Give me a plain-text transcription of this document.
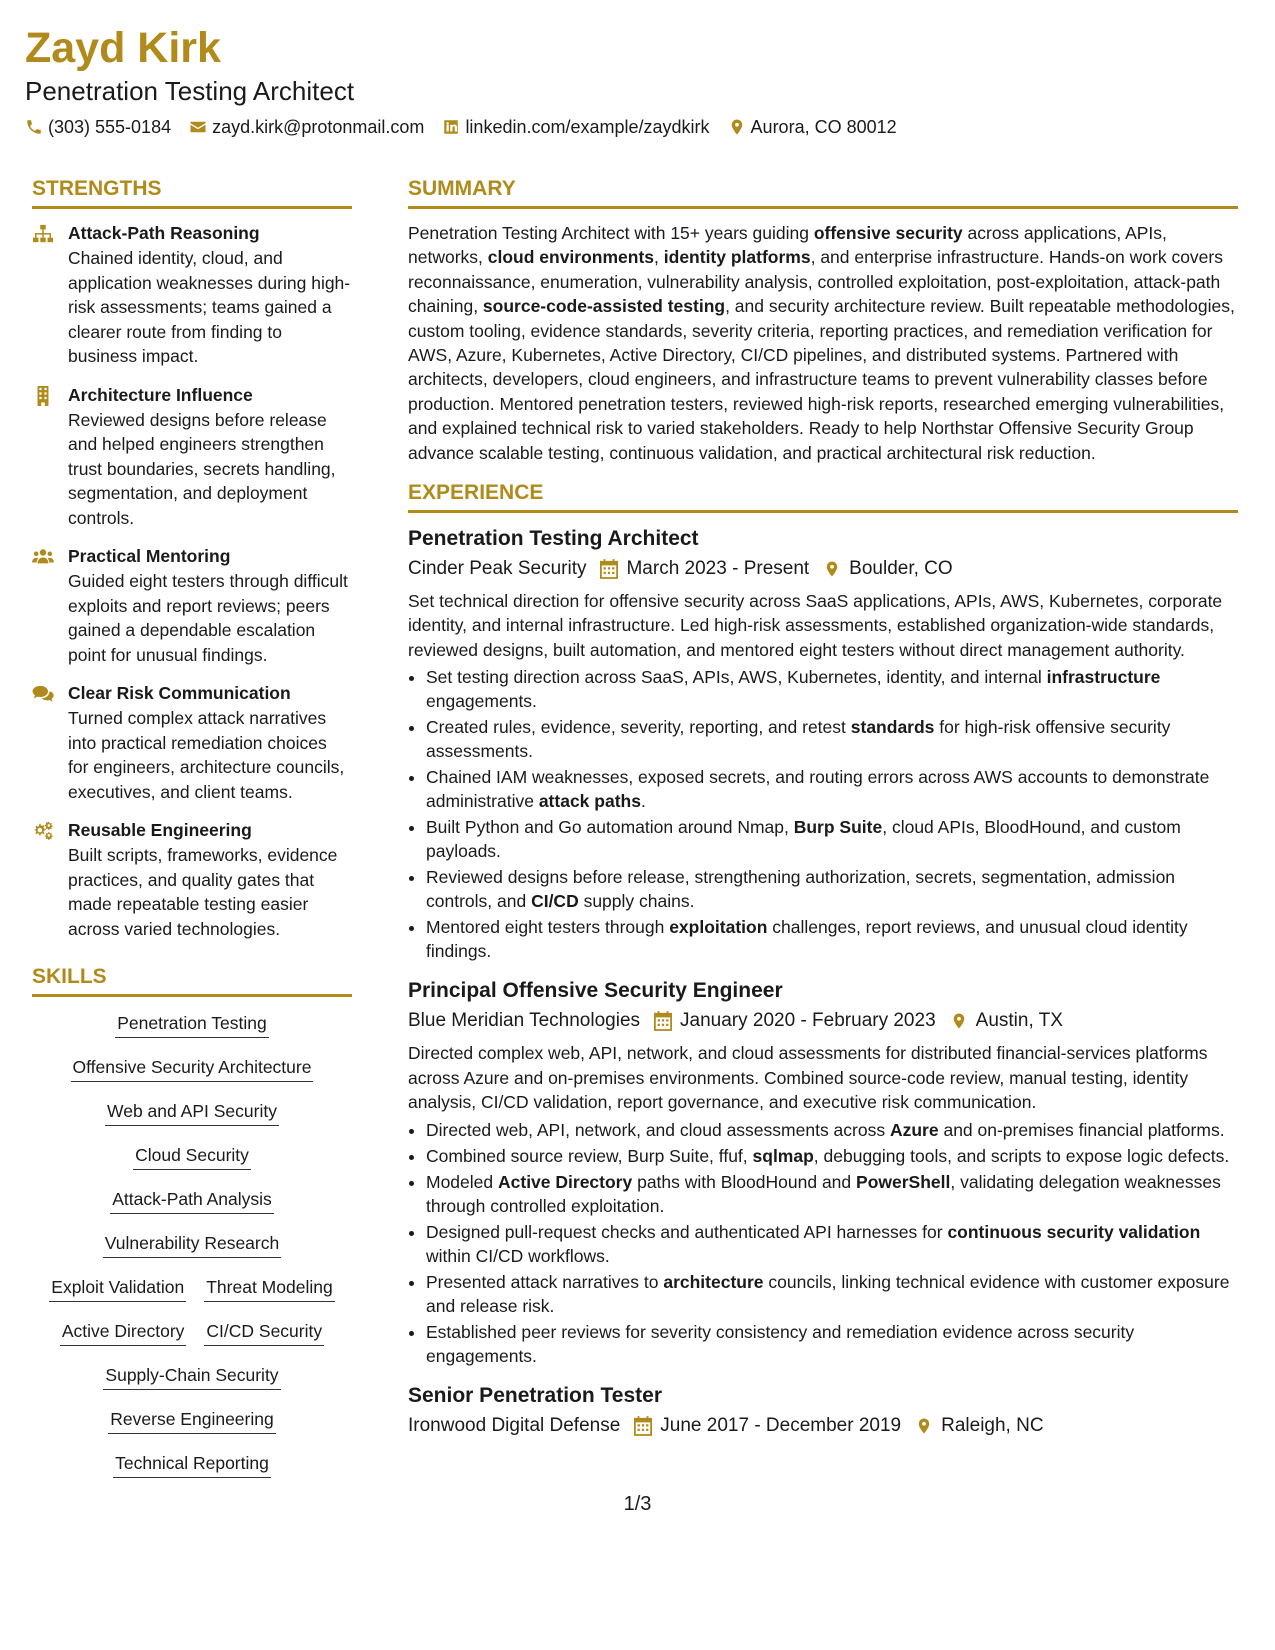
Zayd Kirk
Penetration Testing Architect
(303) 555-0184 zayd.kirk@protonmail.com linkedin.com/example/zaydkirk Aurora, CO 80012
STRENGTHS
Attack-Path Reasoning
Chained identity, cloud, and application weaknesses during high-risk assessments; teams gained a clearer route from finding to business impact.
Architecture Influence
Reviewed designs before release and helped engineers strengthen trust boundaries, secrets handling, segmentation, and deployment controls.
Practical Mentoring
Guided eight testers through difficult exploits and report reviews; peers gained a dependable escalation point for unusual findings.
Clear Risk Communication
Turned complex attack narratives into practical remediation choices for engineers, architecture councils, executives, and client teams.
Reusable Engineering
Built scripts, frameworks, evidence practices, and quality gates that made repeatable testing easier across varied technologies.
SKILLS
Penetration Testing
Offensive Security Architecture
Web and API Security
Cloud Security
Attack-Path Analysis
Vulnerability Research
Exploit Validation Threat Modeling
Active Directory CI/CD Security
Supply-Chain Security
Reverse Engineering
Technical Reporting
SUMMARY
Penetration Testing Architect with 15+ years guiding offensive security across applications, APIs, networks, cloud environments, identity platforms, and enterprise infrastructure. Hands-on work covers reconnaissance, enumeration, vulnerability analysis, controlled exploitation, post-exploitation, attack-path chaining, source-code-assisted testing, and security architecture review. Built repeatable methodologies, custom tooling, evidence standards, severity criteria, reporting practices, and remediation verification for AWS, Azure, Kubernetes, Active Directory, CI/CD pipelines, and distributed systems. Partnered with architects, developers, cloud engineers, and infrastructure teams to prevent vulnerability classes before production. Mentored penetration testers, reviewed high-risk reports, researched emerging vulnerabilities, and explained technical risk to varied stakeholders. Ready to help Northstar Offensive Security Group advance scalable testing, continuous validation, and practical architectural risk reduction.
EXPERIENCE
Penetration Testing Architect
Cinder Peak Security March 2023 - Present Boulder, CO
Set technical direction for offensive security across SaaS applications, APIs, AWS, Kubernetes, corporate identity, and internal infrastructure. Led high-risk assessments, established organization-wide standards, reviewed designs, built automation, and mentored eight testers without direct management authority.
• Set testing direction across SaaS, APIs, AWS, Kubernetes, identity, and internal infrastructure engagements.
• Created rules, evidence, severity, reporting, and retest standards for high-risk offensive security assessments.
• Chained IAM weaknesses, exposed secrets, and routing errors across AWS accounts to demonstrate administrative attack paths.
• Built Python and Go automation around Nmap, Burp Suite, cloud APIs, BloodHound, and custom payloads.
• Reviewed designs before release, strengthening authorization, secrets, segmentation, admission controls, and CI/CD supply chains.
• Mentored eight testers through exploitation challenges, report reviews, and unusual cloud identity findings.
Principal Offensive Security Engineer
Blue Meridian Technologies January 2020 - February 2023 Austin, TX
Directed complex web, API, network, and cloud assessments for distributed financial-services platforms across Azure and on-premises environments. Combined source-code review, manual testing, identity analysis, CI/CD validation, report governance, and executive risk communication.
• Directed web, API, network, and cloud assessments across Azure and on-premises financial platforms.
• Combined source review, Burp Suite, ffuf, sqlmap, debugging tools, and scripts to expose logic defects.
• Modeled Active Directory paths with BloodHound and PowerShell, validating delegation weaknesses through controlled exploitation.
• Designed pull-request checks and authenticated API harnesses for continuous security validation within CI/CD workflows.
• Presented attack narratives to architecture councils, linking technical evidence with customer exposure and release risk.
• Established peer reviews for severity consistency and remediation evidence across security engagements.
Senior Penetration Tester
Ironwood Digital Defense June 2017 - December 2019 Raleigh, NC
1/3
